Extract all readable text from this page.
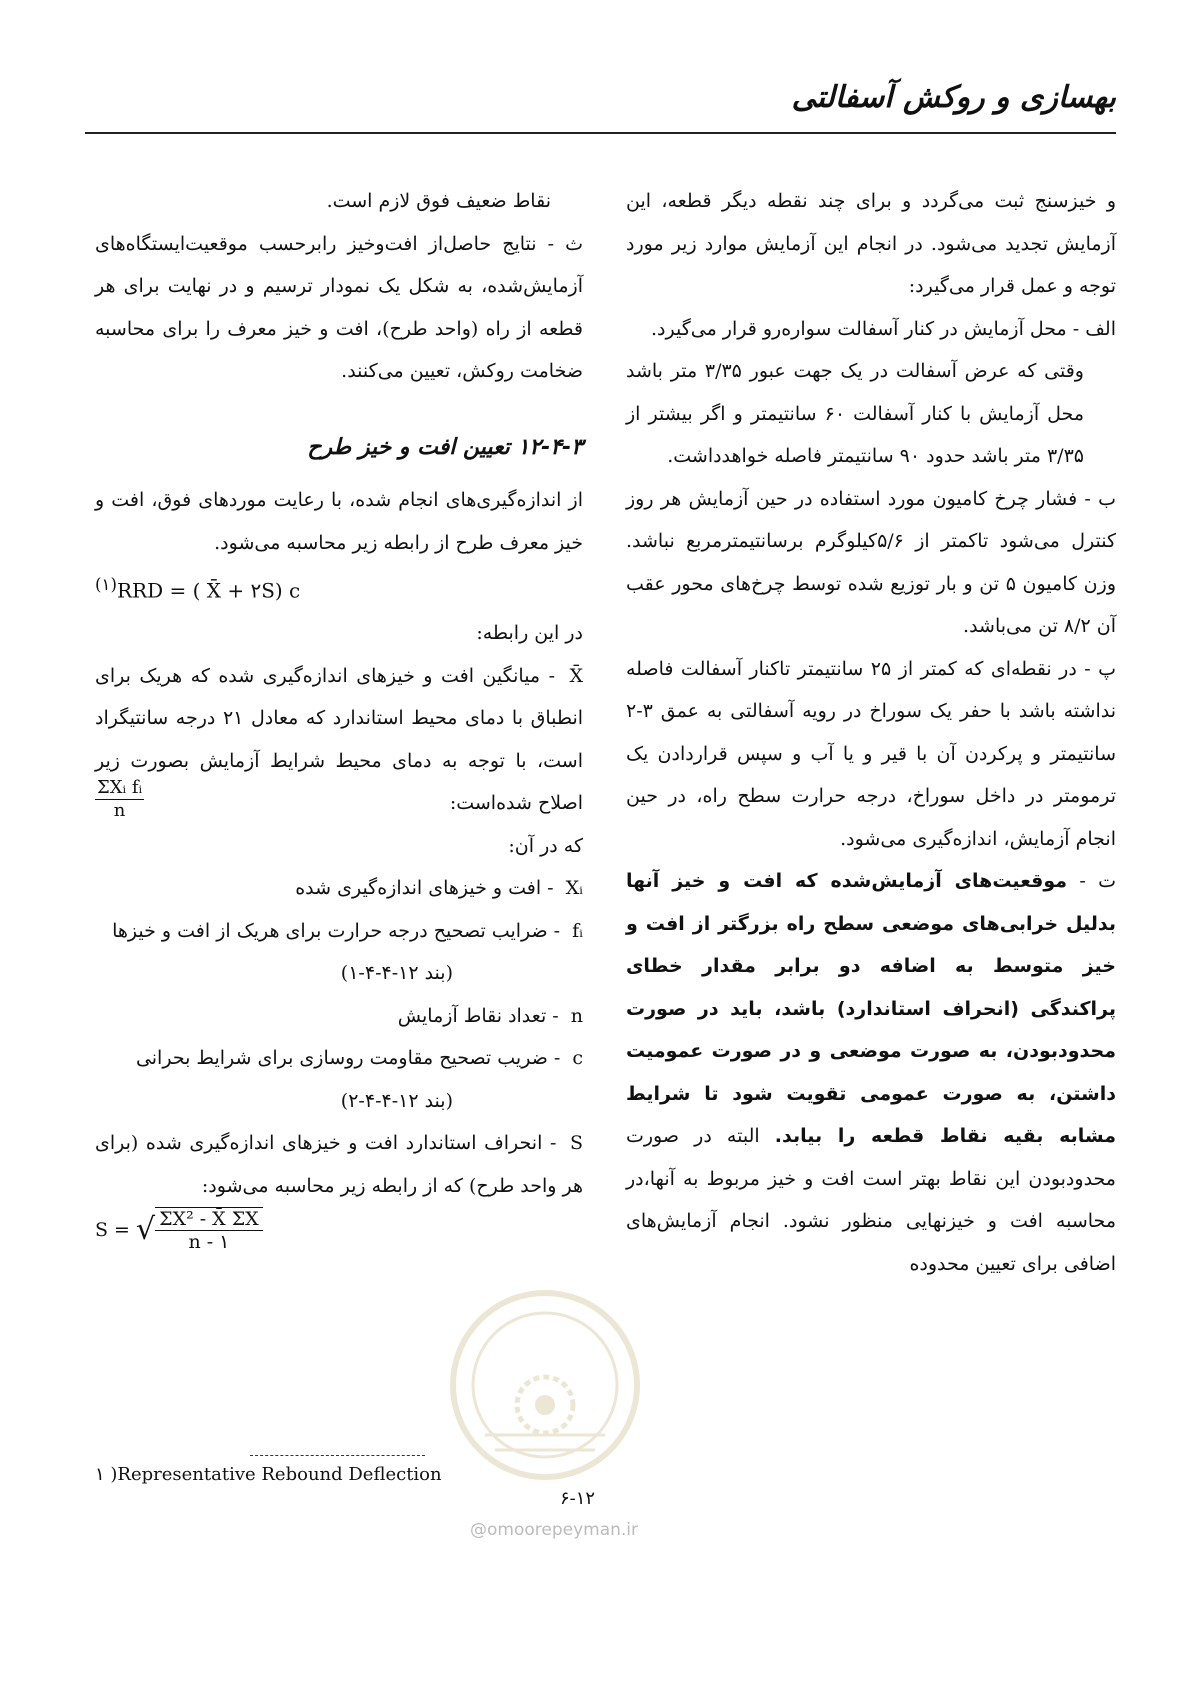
بهسازی و روکش آسفالتی

و خیزسنج ثبت می‌گردد و برای چند نقطه دیگر قطعه، این آزمایش تجدید می‌شود. در انجام این آزمایش موارد زیر مورد توجه و عمل قرار می‌گیرد:

الف - محل آزمایش در کنار آسفالت سواره‌رو قرار می‌گیرد.

وقتی که عرض آسفالت در یک جهت عبور ۳/۳۵ متر باشد محل آزمایش با کنار آسفالت ۶۰ سانتیمتر و اگر بیشتر از ۳/۳۵ متر باشد حدود ۹۰ سانتیمتر فاصله خواهدداشت.

ب - فشار چرخ کامیون مورد استفاده در حین آزمایش هر روز کنترل می‌شود تاکمتر از ۵/۶کیلوگرم برسانتیمترمربع نباشد. وزن کامیون ۵ تن و بار توزیع شده توسط چرخ‌های محور عقب آن ۸/۲ تن می‌باشد.

پ - در نقطه‌ای که کمتر از ۲۵ سانتیمتر تاکنار آسفالت فاصله نداشته باشد با حفر یک سوراخ در رویه آسفالتی به عمق ۳-۲ سانتیمتر و پرکردن آن با قیر و یا آب و سپس قراردادن یک ترمومتر در داخل سوراخ، درجه حرارت سطح راه، در حین انجام آزمایش، اندازه‌گیری می‌شود.

ت - موقعیت‌های آزمایش‌شده که افت و خیز آنها بدلیل خرابی‌های موضعی سطح راه بزرگتر از افت و خیز متوسط به اضافه دو برابر مقدار خطای پراکندگی (انحراف استاندارد) باشد، باید در صورت محدودبودن، به صورت موضعی و در صورت عمومیت داشتن، به صورت عمومی تقویت شود تا شرایط مشابه بقیه نقاط قطعه را بیابد. البته در صورت محدودبودن این نقاط بهتر است افت و خیز مربوط به آنها،در محاسبه افت و خیزنهایی منظور نشود. انجام آزمایش‌های اضافی برای تعیین محدوده

نقاط ضعیف فوق لازم است.

ث - نتایج حاصل‌از افت‌وخیز رابرحسب موقعیت‌ایستگاه‌های آزمایش‌شده، به شکل یک نمودار ترسیم و در نهایت برای هر قطعه از راه (واحد طرح)، افت و خیز معرف را برای محاسبه ضخامت روکش، تعیین می‌کنند.

۱۲-۴-۳ تعیین افت و خیز طرح

از اندازه‌گیری‌های انجام شده، با رعایت موردهای فوق، افت و خیز معرف طرح از رابطه زیر محاسبه می‌شود.

$^{(۱)}$RRD = ( X̄ + ۲S) c

در این رابطه:

X̄ - میانگین افت و خیزهای اندازه‌گیری شده‌ که هریک برای انطباق با دمای محیط استاندارد که معادل ۲۱ درجه سانتیگراد است، با توجه به دمای محیط شرایط آزمایش بصورت زیر اصلاح شده‌است:

ΣXᵢ fᵢ
n

که در آن:

Xᵢ - افت و خیزهای اندازه‌گیری شده

fᵢ - ضرایب تصحیح درجه حرارت برای هریک از افت و خیزها

(بند ۱۲-۴-۴-۱)

n - تعداد نقاط آزمایش

c - ضریب تصحیح مقاومت روسازی برای شرایط بحرانی

(بند ۱۲-۴-۴-۲)

S - انحراف استاندارد افت و خیزهای اندازه‌گیری شده (برای هر واحد طرح) که از رابطه زیر محاسبه می‌شود:

S = √ $\frac{\text{ΣX² - X̄ ΣX}}{n - ۱}$
۱ )Representative Rebound Deflection
۶-۱۲
@omoorepeyman.ir
